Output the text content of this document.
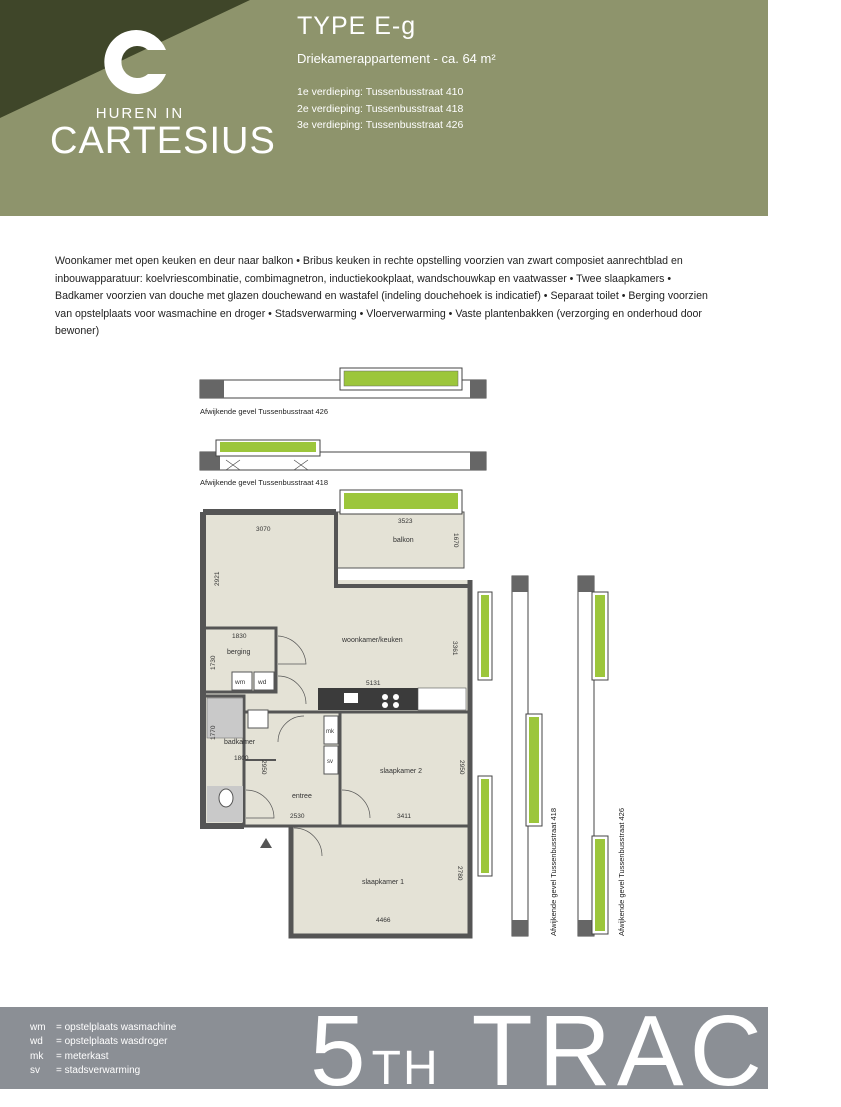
HUREN IN
CARTESIUS
TYPE E-g
Driekamerappartement - ca. 64 m²
1e verdieping: Tussenbusstraat 410
2e verdieping: Tussenbusstraat 418
3e verdieping: Tussenbusstraat 426
Woonkamer met open keuken en deur naar balkon • Bribus keuken in rechte opstelling voorzien van zwart composiet aanrechtblad en inbouwapparatuur: koelvriescombinatie, combimagnetron, inductiekookplaat, wandschouwkap en vaatwasser • Twee slaapkamers • Badkamer voorzien van douche met glazen douchewand en wastafel (indeling douchehoek is indicatief) • Separaat toilet • Berging voorzien van opstelplaats voor wasmachine en droger • Stadsverwarming • Vloerverwarming • Vaste plantenbakken (verzorging en onderhoud door bewoner)
Afwijkende gevel Tussenbusstraat 426
Afwijkende gevel Tussenbusstraat 418
Afwijkende gevel Tussenbusstraat 418	Afwijkende gevel Tussenbusstraat 426
balkon
woonkamer/keuken
berging
badkamer
entree
slaapkamer 2
slaapkamer 1
wm wd
mk
sv
3070
3523
1670
2921
1830
1730
3361
5131
1770
1800
2950	2950
2530	3411
2780
4466
wm = opstelplaats wasmachine
wd = opstelplaats wasdroger
mk = meterkast
sv = stadsverwarming	5TH TRACK
